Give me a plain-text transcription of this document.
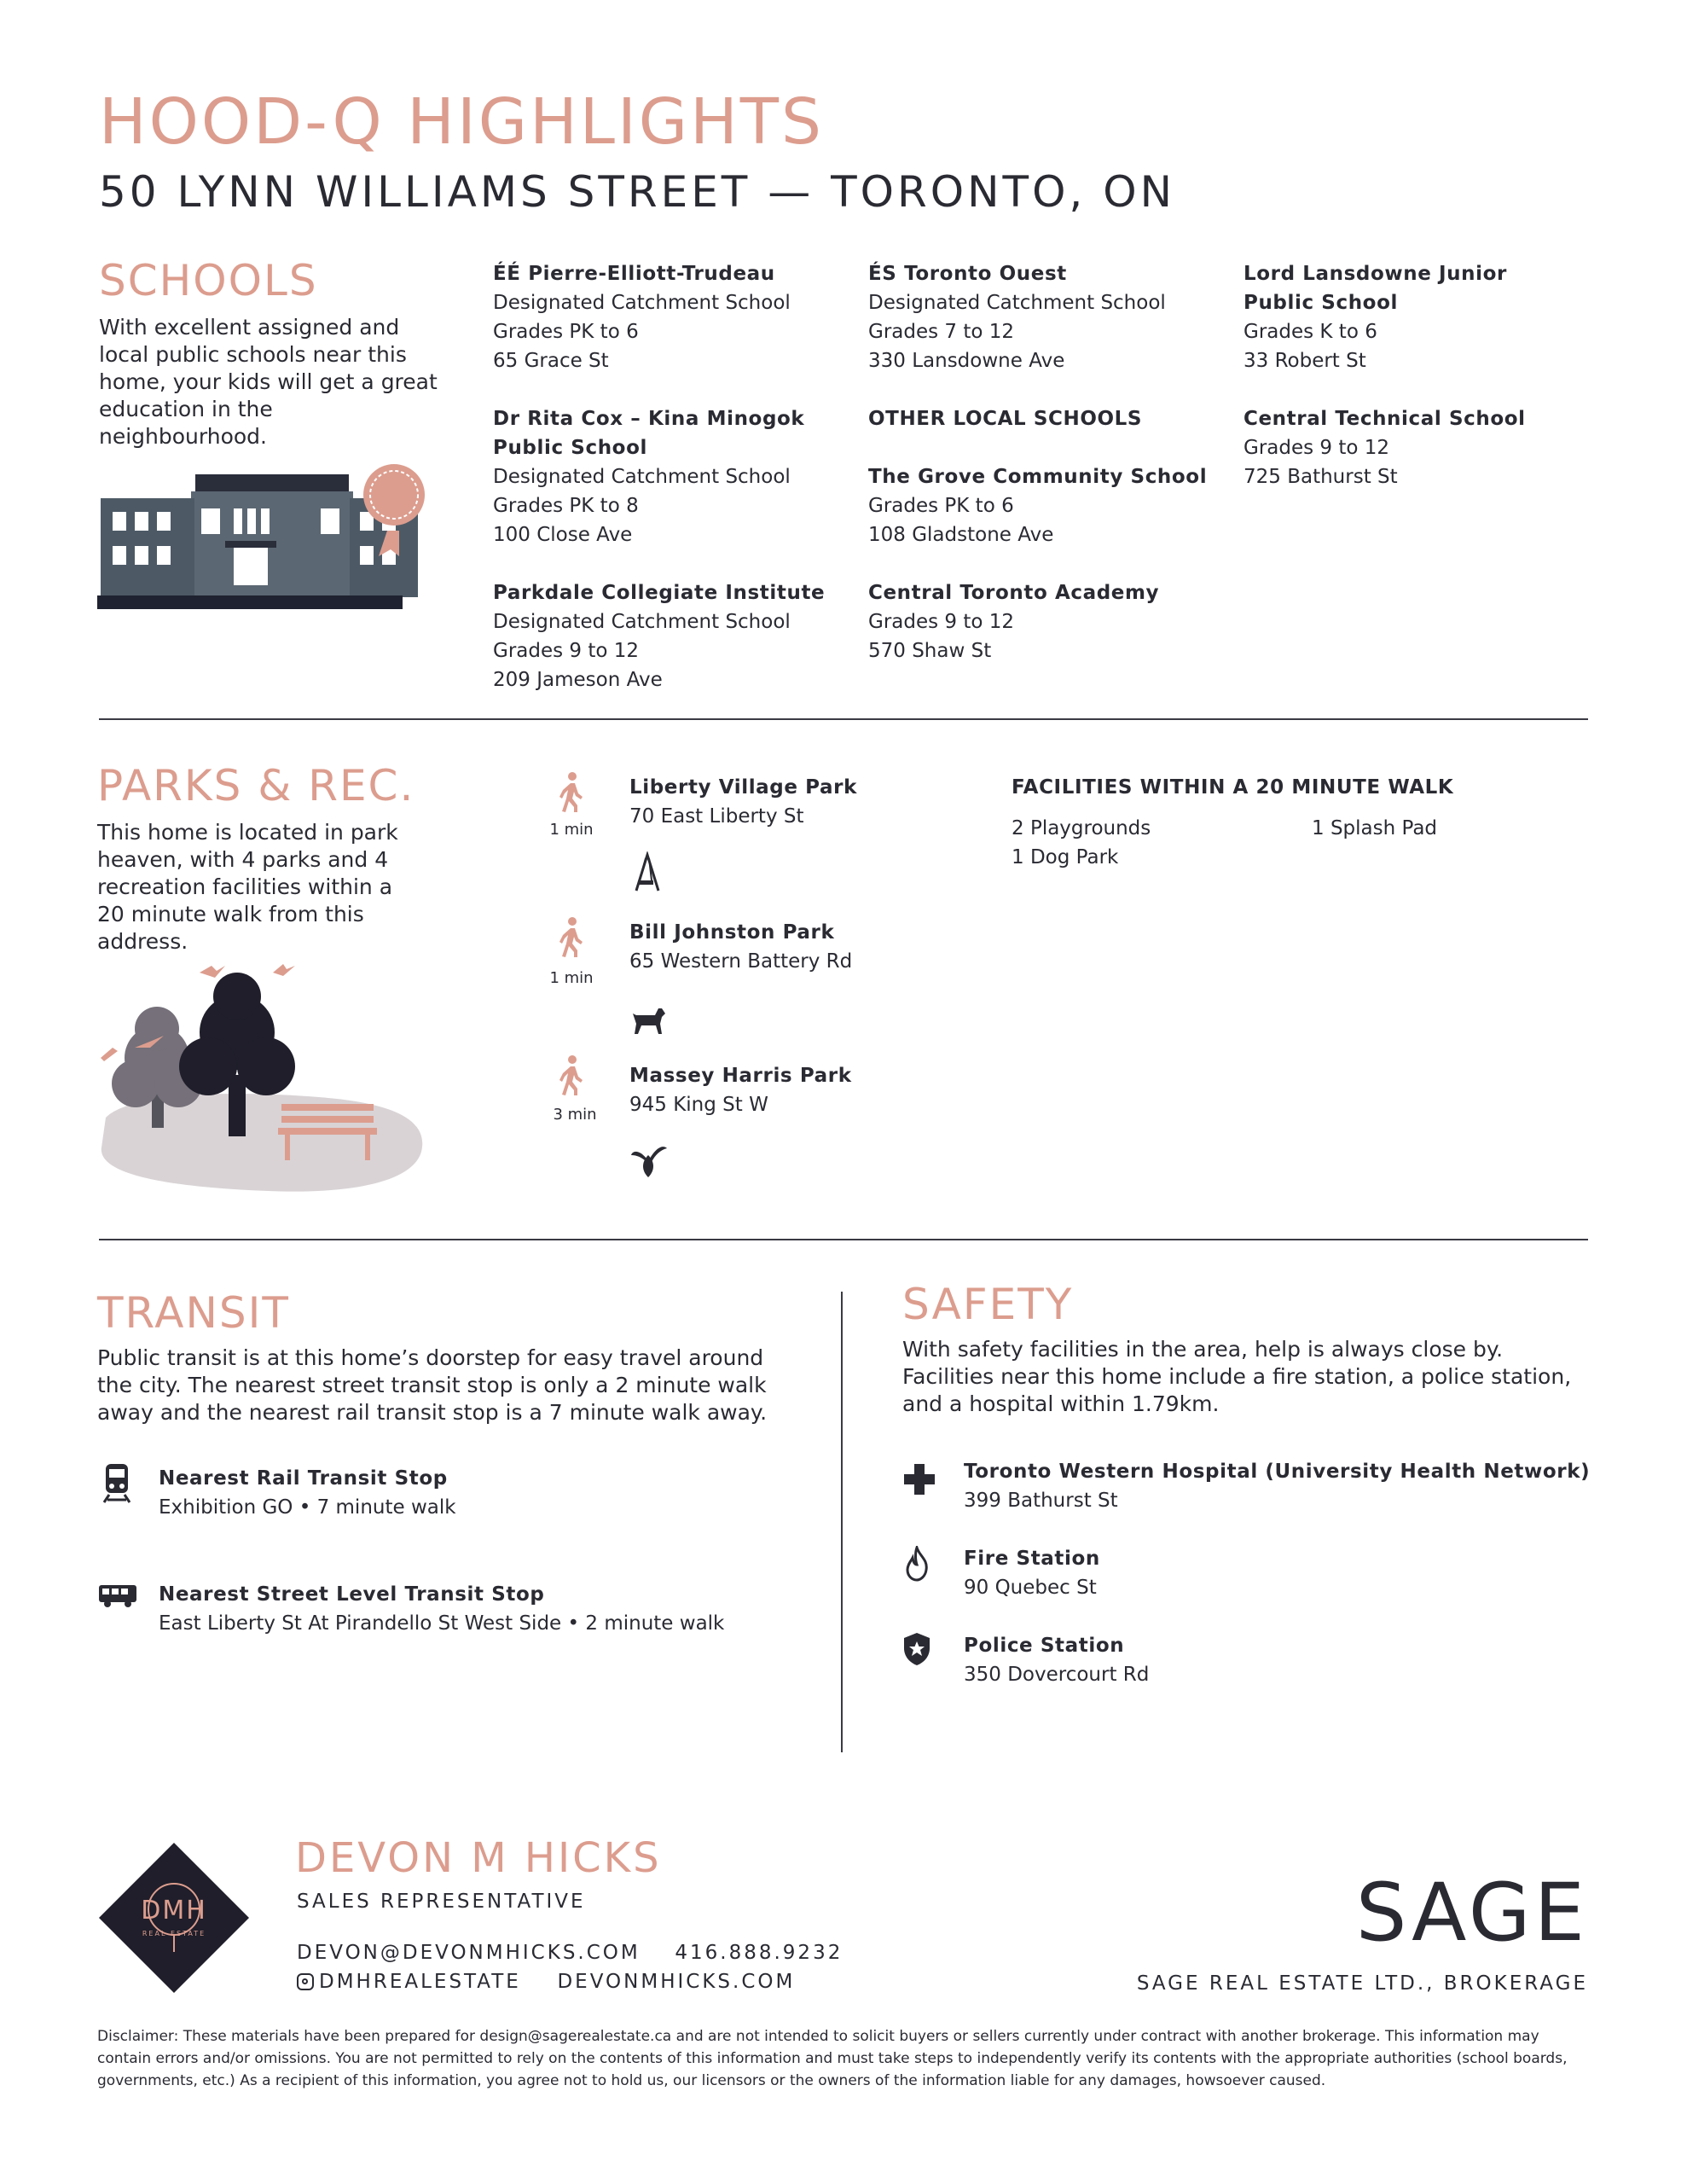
HOOD-Q HIGHLIGHTS
50 LYNN WILLIAMS STREET — TORONTO, ON
SCHOOLS
With excellent assigned and local public schools near this home, your kids will get a great education in the neighbourhood.
ÉÉ Pierre-Elliott-Trudeau
Designated Catchment School
Grades PK to 6
65 Grace St
Dr Rita Cox – Kina Minogok Public School
Designated Catchment School
Grades PK to 8
100 Close Ave
Parkdale Collegiate Institute
Designated Catchment School
Grades 9 to 12
209 Jameson Ave
ÉS Toronto Ouest
Designated Catchment School
Grades 7 to 12
330 Lansdowne Ave
OTHER LOCAL SCHOOLS
The Grove Community School
Grades PK to 6
108 Gladstone Ave
Central Toronto Academy
Grades 9 to 12
570 Shaw St
Lord Lansdowne Junior Public School
Grades K to 6
33 Robert St
Central Technical School
Grades 9 to 12
725 Bathurst St
PARKS & REC.
This home is located in park heaven, with 4 parks and 4 recreation facilities within a 20 minute walk from this address.
1 min
Liberty Village Park
70 East Liberty St
1 min
Bill Johnston Park
65 Western Battery Rd
3 min
Massey Harris Park
945 King St W
FACILITIES WITHIN A 20 MINUTE WALK
2 Playgrounds
1 Dog Park
1 Splash Pad
TRANSIT
Public transit is at this home’s doorstep for easy travel around the city. The nearest street transit stop is only a 2 minute walk away and the nearest rail transit stop is a 7 minute walk away.
Nearest Rail Transit Stop
Exhibition GO • 7 minute walk
Nearest Street Level Transit Stop
East Liberty St At Pirandello St West Side • 2 minute walk
SAFETY
With safety facilities in the area, help is always close by. Facilities near this home include a fire station, a police station, and a hospital within 1.79km.
Toronto Western Hospital (University Health Network)
399 Bathurst St
Fire Station
90 Quebec St
Police Station
350 Dovercourt Rd
DMH
REAL ESTATE
DEVON M HICKS
SALES REPRESENTATIVE
DEVON@DEVONMHICKS.COM 416.888.9232
DMHREALESTATE DEVONMHICKS.COM
SAGE
SAGE REAL ESTATE LTD., BROKERAGE
Disclaimer: These materials have been prepared for design@sagerealestate.ca and are not intended to solicit buyers or sellers currently under contract with another brokerage. This information may contain errors and/or omissions. You are not permitted to rely on the contents of this information and must take steps to independently verify its contents with the appropriate authorities (school boards, governments, etc.) As a recipient of this information, you agree not to hold us, our licensors or the owners of the information liable for any damages, howsoever caused.
